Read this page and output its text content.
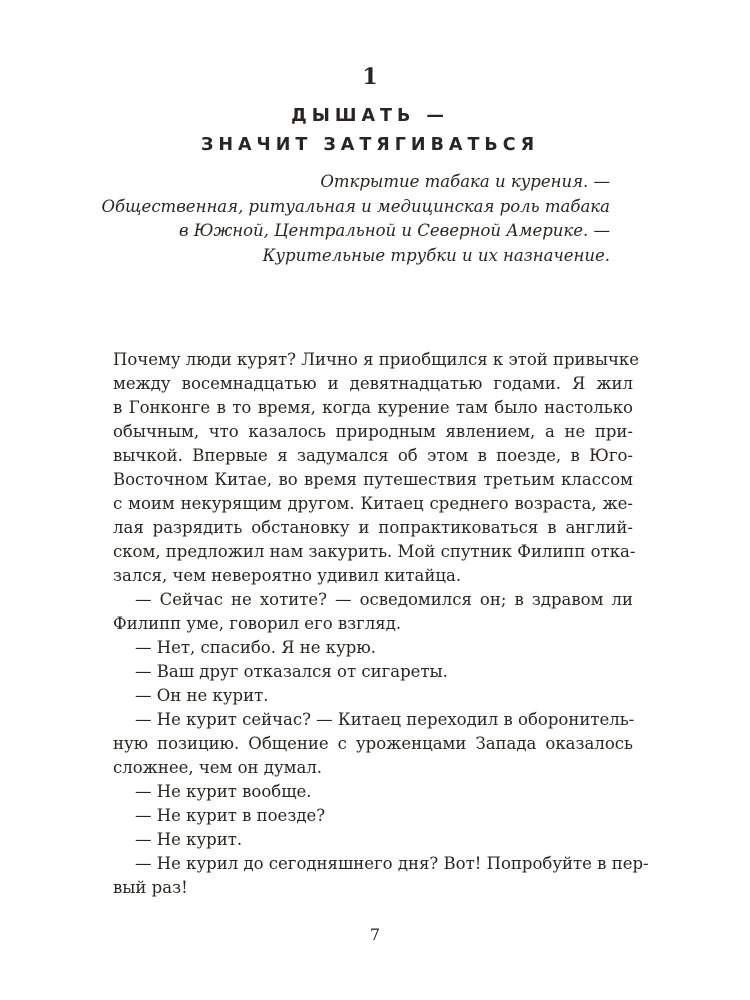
1
ДЫШАТЬ —
ЗНАЧИТ ЗАТЯГИВАТЬСЯ
Открытие табака и курения. —
Общественная, ритуальная и медицинская роль табака
в Южной, Центральной и Северной Америке. —
Курительные трубки и их назначение.
Почему люди курят? Лично я приобщился к этой привычке
между восемнадцатью и девятнадцатью годами. Я жил
в Гонконге в то время, когда курение там было настолько
обычным, что казалось природным явлением, а не при-
вычкой. Впервые я задумался об этом в поезде, в Юго-
Восточном Китае, во время путешествия третьим классом
с моим некурящим другом. Китаец среднего возраста, же-
лая разрядить обстановку и попрактиковаться в англий-
ском, предложил нам закурить. Мой спутник Филипп отка-
зался, чем невероятно удивил китайца.
— Сейчас не хотите? — осведомился он; в здравом ли
Филипп уме, говорил его взгляд.
— Нет, спасибо. Я не курю.
— Ваш друг отказался от сигареты.
— Он не курит.
— Не курит сейчас? — Китаец переходил в оборонитель-
ную позицию. Общение с уроженцами Запада оказалось
сложнее, чем он думал.
— Не курит вообще.
— Не курит в поезде?
— Не курит.
— Не курил до сегодняшнего дня? Вот! Попробуйте в пер-
вый раз!
7
